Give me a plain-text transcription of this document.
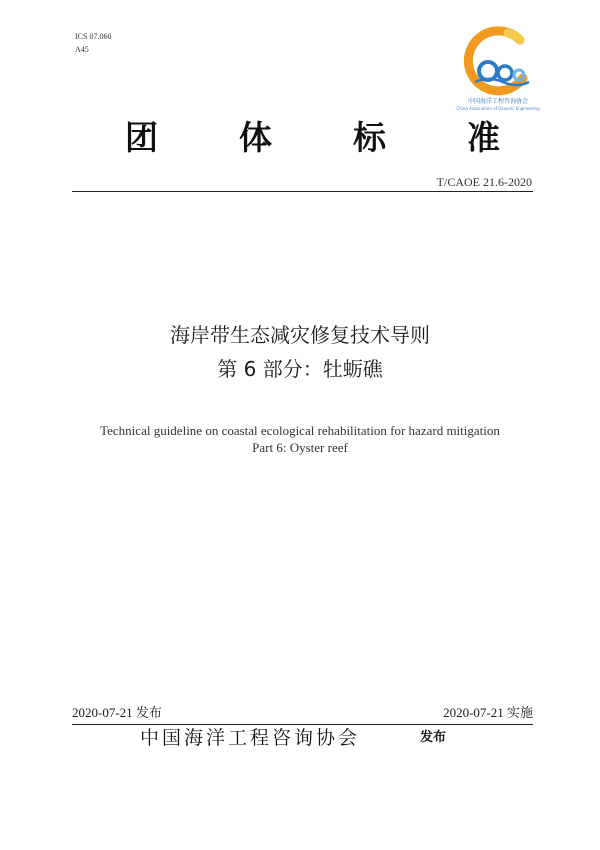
ICS 07.060
A45
中国海洋工程咨询协会
China Association of Oceanic Engineering
团 体 标 准
T/CAOE 21.6-2020
海岸带生态减灾修复技术导则
第 6 部分：牡蛎礁
Technical guideline on coastal ecological rehabilitation for hazard mitigation
Part 6: Oyster reef
2020-07-21 发布	2020-07-21 实施
中国海洋工程咨询协会	发布
